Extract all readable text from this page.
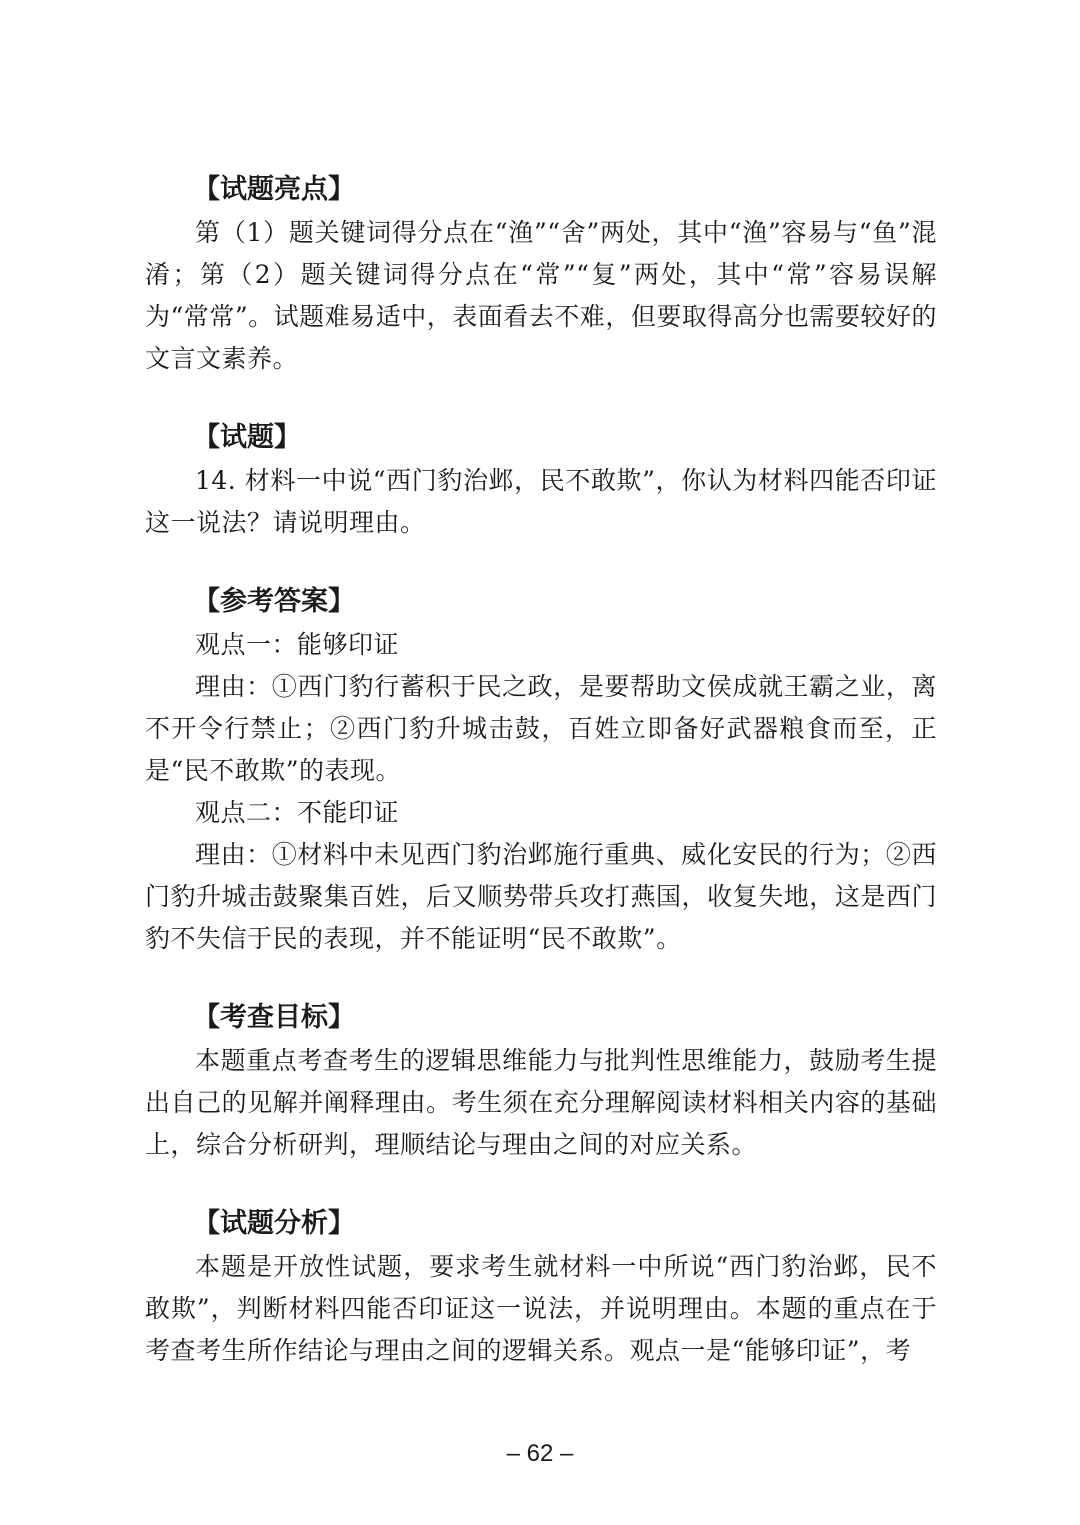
【试题亮点】

第（1）题关键词得分点在“渔”“舍”两处，其中“渔”容易与“鱼”混淆；第（2）题关键词得分点在“常”“复”两处，其中“常”容易误解为“常常”。试题难易适中，表面看去不难，但要取得高分也需要较好的文言文素养。

【试题】

14. 材料一中说“西门豹治邺，民不敢欺”，你认为材料四能否印证这一说法？请说明理由。

【参考答案】

观点一：能够印证

理由：①西门豹行蓄积于民之政，是要帮助文侯成就王霸之业，离不开令行禁止；②西门豹升城击鼓，百姓立即备好武器粮食而至，正是“民不敢欺”的表现。

观点二：不能印证

理由：①材料中未见西门豹治邺施行重典、威化安民的行为；②西门豹升城击鼓聚集百姓，后又顺势带兵攻打燕国，收复失地，这是西门豹不失信于民的表现，并不能证明“民不敢欺”。

【考查目标】

本题重点考查考生的逻辑思维能力与批判性思维能力，鼓励考生提出自己的见解并阐释理由。考生须在充分理解阅读材料相关内容的基础上，综合分析研判，理顺结论与理由之间的对应关系。

【试题分析】

本题是开放性试题，要求考生就材料一中所说“西门豹治邺，民不敢欺”，判断材料四能否印证这一说法，并说明理由。本题的重点在于考查考生所作结论与理由之间的逻辑关系。观点一是“能够印证”，考

– 62 –
